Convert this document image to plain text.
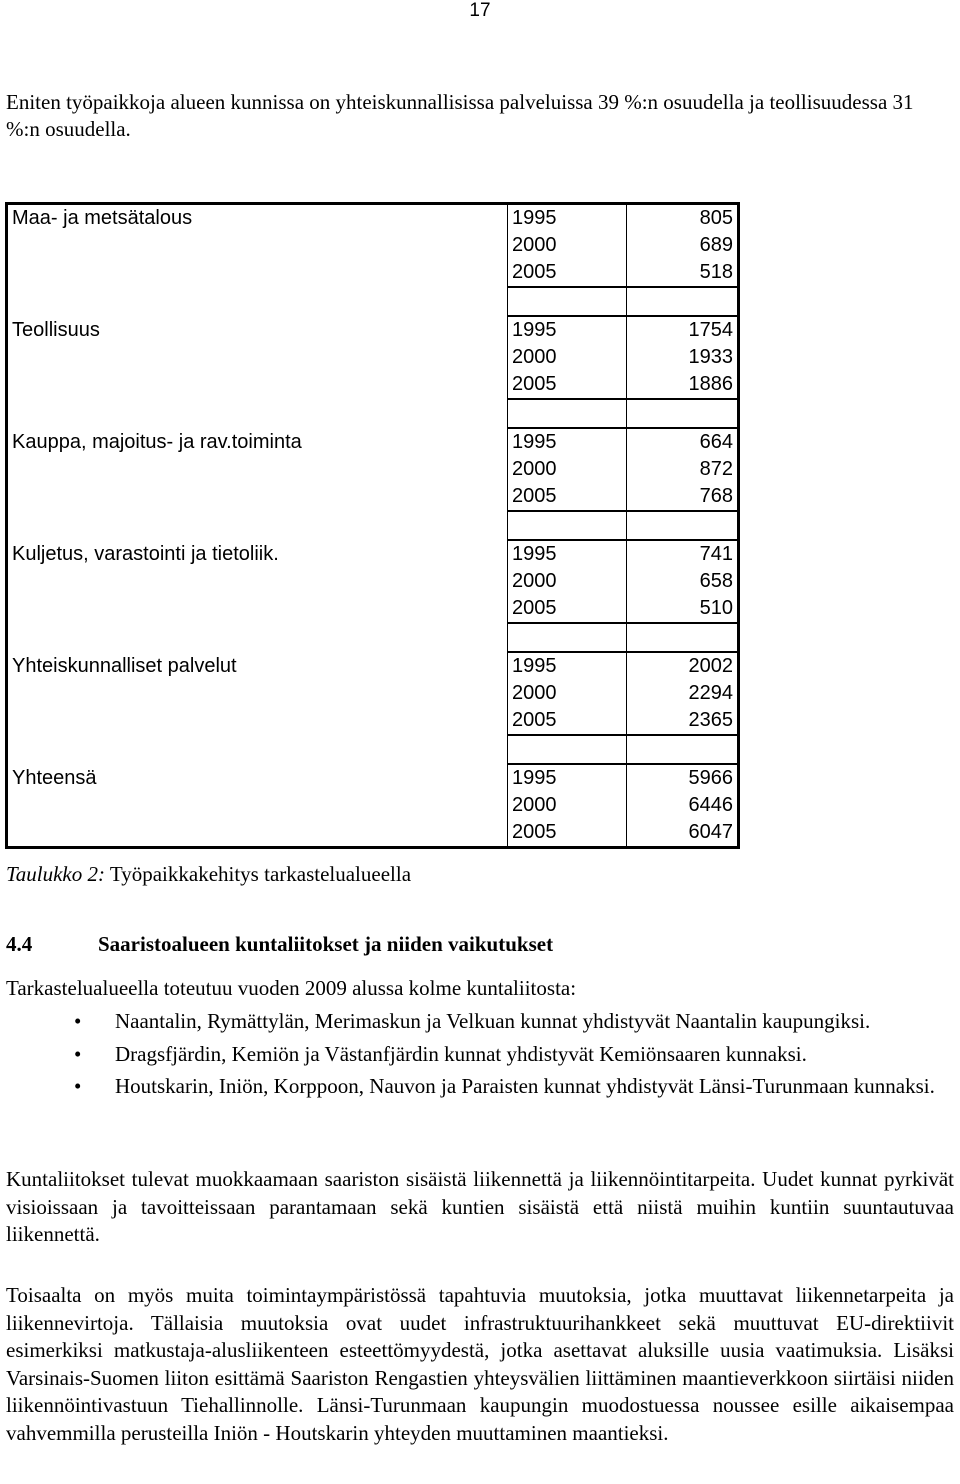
17

Eniten työpaikkoja alueen kunnissa on yhteiskunnallisissa palveluissa 39 %:n osuudella ja teollisuudessa 31 %:n osuudella.

Maa- ja metsätalous	1995	805
	2000	689
	2005	518

Teollisuus	1995	1754
	2000	1933
	2005	1886

Kauppa, majoitus- ja rav.toiminta	1995	664
	2000	872
	2005	768

Kuljetus, varastointi ja tietoliik.	1995	741
	2000	658
	2005	510

Yhteiskunnalliset palvelut	1995	2002
	2000	2294
	2005	2365

Yhteensä	1995	5966
	2000	6446
	2005	6047
Taulukko 2: Työpaikkakehitys tarkastelualueella
4.4	Saaristoalueen kuntaliitokset ja niiden vaikutukset

Tarkastelualueella toteutuu vuoden 2009 alussa kolme kuntaliitosta:

• Naantalin, Rymättylän, Merimaskun ja Velkuan kunnat yhdistyvät Naantalin kaupungiksi.
• Dragsfjärdin, Kemiön ja Västanfjärdin kunnat yhdistyvät Kemiönsaaren kunnaksi.
• Houtskarin, Iniön, Korppoon, Nauvon ja Paraisten kunnat yhdistyvät Länsi-Turunmaan kunnaksi.

Kuntaliitokset tulevat muokkaamaan saariston sisäistä liikennettä ja liikennöintitarpeita. Uudet kunnat pyrkivät visioissaan ja tavoitteissaan parantamaan sekä kuntien sisäistä että niistä muihin kuntiin suuntautuvaa liikennettä.

Toisaalta on myös muita toimintaympäristössä tapahtuvia muutoksia, jotka muuttavat liikennetarpeita ja liikennevirtoja. Tällaisia muutoksia ovat uudet infrastruktuurihankkeet sekä muuttuvat EU-direktiivit esimerkiksi matkustaja-alusliikenteen esteettömyydestä, jotka asettavat aluksille uusia vaatimuksia. Lisäksi Varsinais-Suomen liiton esittämä Saariston Rengastien yhteysvälien liittäminen maantieverkkoon siirtäisi niiden liikennöintivastuun Tiehallinnolle. Länsi-Turunmaan kaupungin muodostuessa noussee esille aikaisempaa vahvemmilla perusteilla Iniön - Houtskarin yhteyden muuttaminen maantieksi.
